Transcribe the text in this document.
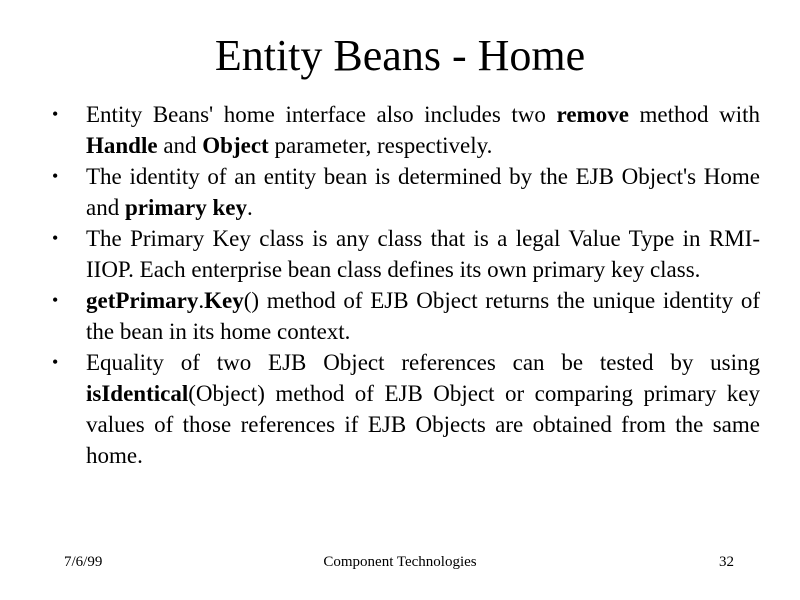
Entity Beans - Home
•	Entity Beans' home interface also includes two remove method with Handle and Object parameter, respectively.
•	The identity of an entity bean is determined by the EJB Object's Home and primary key.
•	The Primary Key class is any class that is a legal Value Type in RMI-IIOP. Each enterprise bean class defines its own primary key class.
•	getPrimary.Key() method of EJB Object returns the unique identity of the bean in its home context.
•	Equality of two EJB Object references can be tested by using isIdentical(Object) method of EJB Object or comparing primary key values of those references if EJB Objects are obtained from the same home.
7/6/99	Component Technologies	32
